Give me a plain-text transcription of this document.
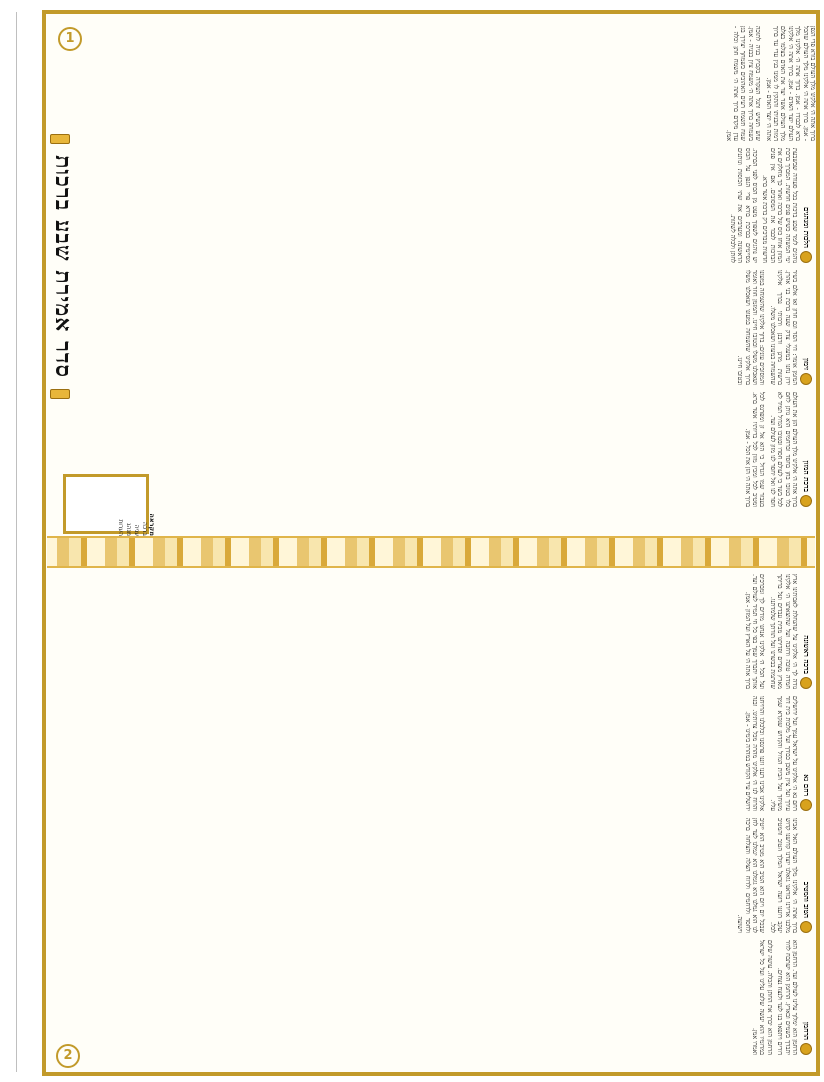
ברוך אתה ה׳ אלקינו מלך העולם בורא פרי הגפן - אמן. ברוך אתה ה׳ אלקינו מלך העולם שהכל ברא לכבודו - אמן. ברוך אתה ה׳ אלקינו מלך העולם יוצר האדם - אמן. ברוך אתה ה׳ אלקינו מלך העולם אשר יצר את האדם בצלמו בצלם דמות תבניתו והתקין לו ממנו בנין עדי עד ברוך אתה ה׳ יוצר האדם - אמן.

שוש תשיש ותגל העקרה בקבוץ בניה לתוכה בשמחה ברוך אתה ה׳ משמח ציון בבניה - אמן. שמח תשמח רעים האהובים כשמחך יצירך בגן עדן מקדם ברוך אתה ה׳ משמח חתן וכלה - אמן.

הלכות ומנהגים

נוהגים לומר שבע ברכות בכל סעודה שבשבעת ימי המשתה כשיש פנים חדשות. המברך ברכת המזון אוחז כוס של ברכה ואחר כך מחלקים את הברכות לכבד את המסובים. אם אין פנים חדשות מברכים רק ברכת אשר ברא.

יש נוהגים לשפוך מעט מן הכוס לפני הברכה. מסיימים בברכת בורא פרי הגפן על הכוס הראשונה ומערבים את שתי הכוסות ונותנים לחתן ולכלה לשתות.

זימון

המזמן אומר: דוי הסר וגם חרון ואז אלם בשיר ירון נחנו במעגלי צדק שעה ברכת בני אהרן. ברשות מרנן ורבנן ורבותי נברך אלקינו שהשמחה במעונו ושאכלנו משלו.

והמסובים עונים: ברוך אלקינו שהשמחה במעונו ושאכלנו משלו ובטובו חיינו. והמזמן חוזר ואומר ברוך אלקינו שהשמחה במעונו ושאכלנו משלו ובטובו חיינו.

ברכת המזון

ברוך אתה ה׳ אלקינו מלך העולם הזן את העולם כלו בטובו בחן בחסד וברחמים הוא נותן לחם לכל בשר כי לעולם חסדו ובטובו הגדול תמיד לא חסר לנו ואל יחסר לנו מזון לעולם ועד.

בעבור שמו הגדול כי הוא אל זן ומפרנס לכל ומטיב לכל ומכין מזון לכל בריותיו אשר ברא. ברוך אתה ה׳ הזן את הכל - אמן.

ברכה ראשונה

נודה לך ה׳ אלקינו על שהנחלת לאבותינו ארץ חמדה טובה ורחבה ועל שהוצאתנו ה׳ אלקינו מארץ מצרים ופדיתנו מבית עבדים ועל בריתך שחתמת בבשרנו ועל תורתך שלמדתנו.

ועל הכל ה׳ אלקינו אנחנו מודים לך ומברכים אותך יתברך שמך בפי כל חי תמיד לעולם ועד. ברוך אתה ה׳ על הארץ ועל המזון - אמן.

רחם נא

רחם נא ה׳ אלקינו על ישראל עמך ועל ירושלים עירך ועל ציון משכן כבודך ועל מלכות בית דוד משיחך ועל הבית הגדול והקדוש שנקרא שמך עליו.

אלקינו אבינו רענו זוננו פרנסנו וכלכלנו והרויחנו והרוח לנו ה׳ אלקינו מהרה מכל צרותינו. ובנה ירושלים עיר הקודש במהרה בימינו - אמן.

הטוב והמטיב

ברוך אתה ה׳ אלקינו מלך העולם האל אבינו מלכנו אדירנו בוראנו גואלנו יוצרנו קדושנו קדוש יעקב רוענו רועה ישראל המלך הטוב והמטיב לכל.

שבכל יום ויום הוא הטיב הוא מטיב הוא ייטיב לנו הוא גמלנו הוא גומלנו הוא יגמלנו לעד לחן ולחסד ולרחמים ולרוח הצלה והצלחה ברכה וישועה.

הרחמן

הרחמן הוא ימלוך עלינו לעולם ועד. הרחמן הוא יתברך בשמים ובארץ. הרחמן הוא ישתבח לדור דורים ויתפאר בנו לעד ולנצח נצחים.

הרחמן הוא יברך את החתן והכלה. עושה שלום במרומיו הוא יעשה שלום עלינו ועל כל ישראל ואמרו אמן.

סדר אמירת שבע ברכות
1
2

מקראה

ברכה

עניה

מנהג

הערות
